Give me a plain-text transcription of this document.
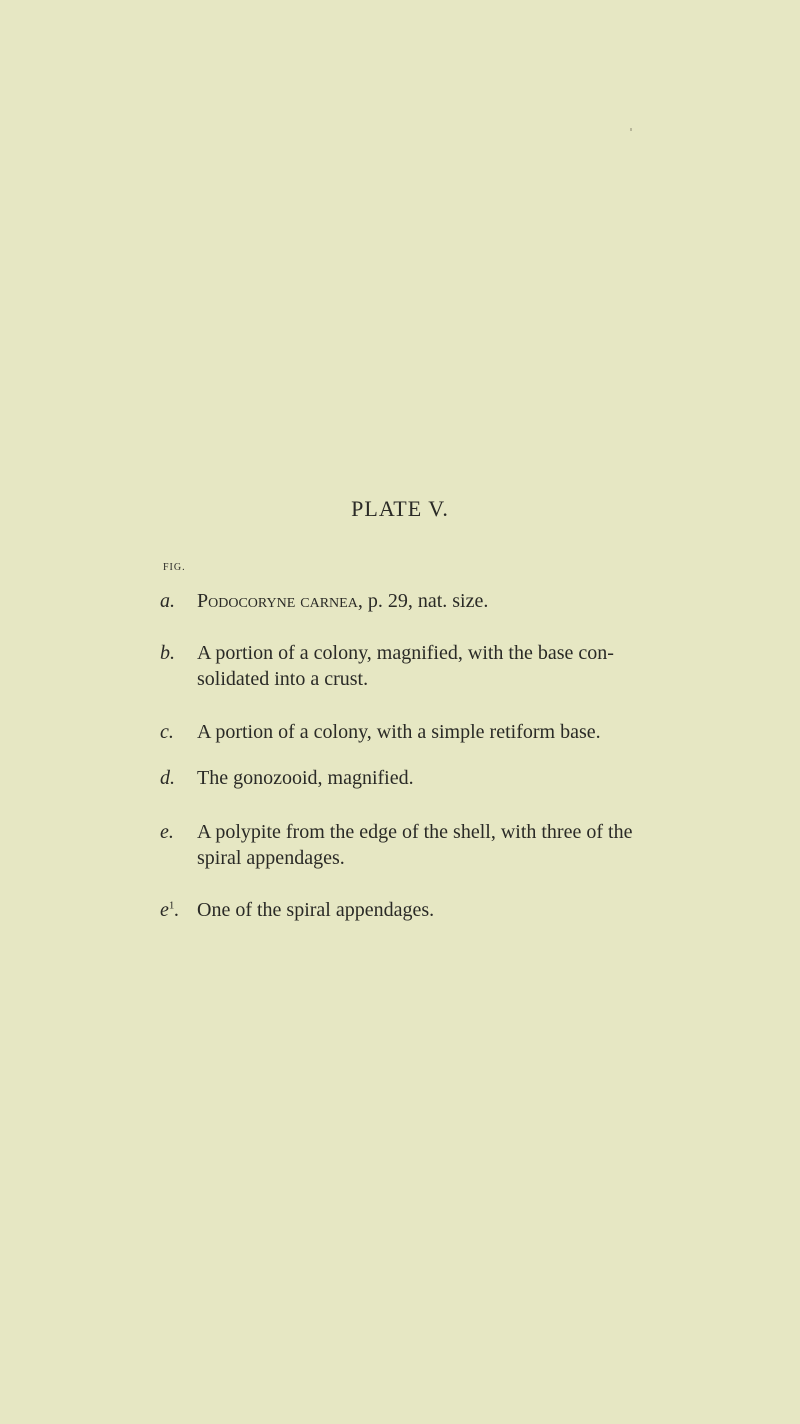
PLATE V.
FIG.
a. Podocoryne carnea, p. 29, nat. size.
b. A portion of a colony, magnified, with the base con-
solidated into a crust.
c. A portion of a colony, with a simple retiform base.
d. The gonozooid, magnified.
e. A polypite from the edge of the shell, with three of the
spiral appendages.
$e^1$. One of the spiral appendages.
